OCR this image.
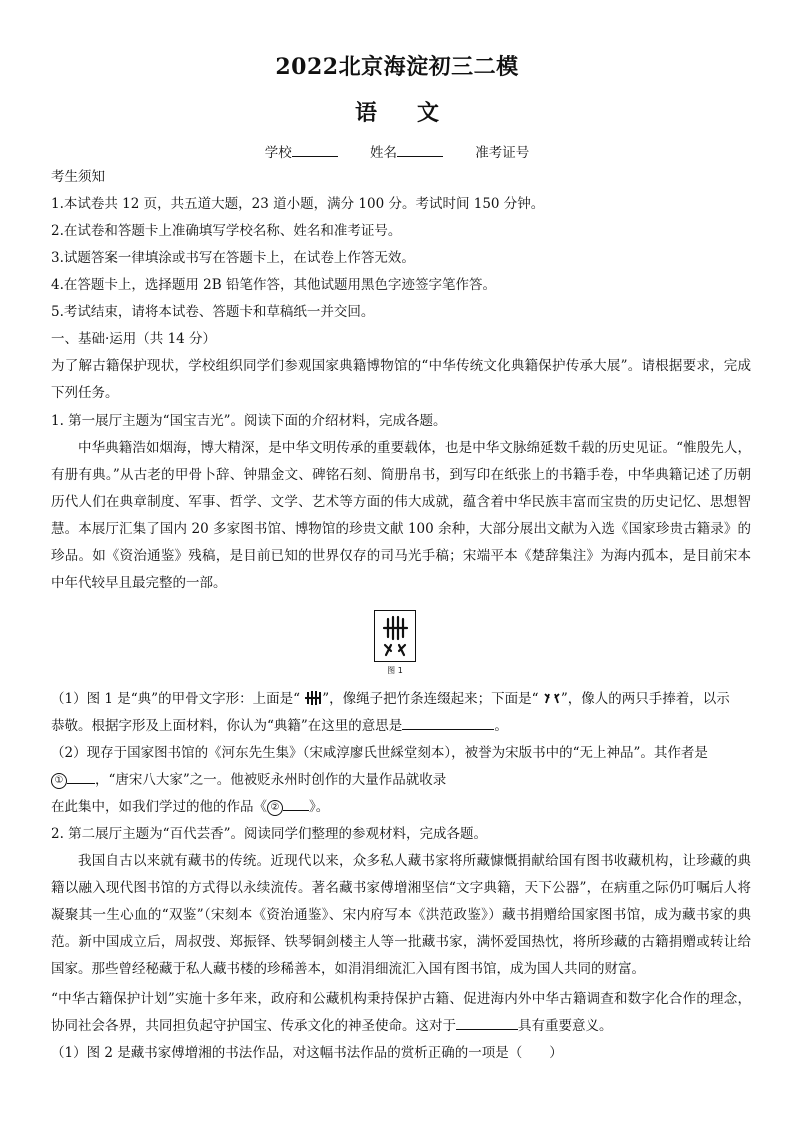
2022北京海淀初三二模
语文
学校	姓名	准考证号
考生须知
1.本试卷共 12 页，共五道大题，23 道小题，满分 100 分。考试时间 150 分钟。
2.在试卷和答题卡上准确填写学校名称、姓名和准考证号。
3.试题答案一律填涂或书写在答题卡上，在试卷上作答无效。
4.在答题卡上，选择题用 2B 铅笔作答，其他试题用黑色字迹签字笔作答。
5.考试结束，请将本试卷、答题卡和草稿纸一并交回。
一、基础·运用（共 14 分）
为了解古籍保护现状，学校组织同学们参观国家典籍博物馆的“中华传统文化典籍保护传承大展”。请根据要求，完成下列任务。
1. 第一展厅主题为“国宝吉光”。阅读下面的介绍材料，完成各题。
中华典籍浩如烟海，博大精深，是中华文明传承的重要载体，也是中华文脉绵延数千载的历史见证。“惟殷先人，有册有典。”从古老的甲骨卜辞、钟鼎金文、碑铭石刻、简册帛书，到写印在纸张上的书籍手卷，中华典籍记述了历朝历代人们在典章制度、军事、哲学、文学、艺术等方面的伟大成就，蕴含着中华民族丰富而宝贵的历史记忆、思想智慧。本展厅汇集了国内 20 多家图书馆、博物馆的珍贵文献 100 余种，大部分展出文献为入选《国家珍贵古籍录》的珍品。如《资治通鉴》残稿，是目前已知的世界仅存的司马光手稿；宋端平本《楚辞集注》为海内孤本，是目前宋本中年代较早且最完整的一部。
图 1
（1）图 1 是“典”的甲骨文字形：上面是“ ”，像绳子把竹条连缀起来；下面是“ ”，像人的两只手捧着，以示
恭敬。根据字形及上面材料，你认为“典籍”在这里的意思是	。
（2）现存于国家图书馆的《河东先生集》（宋咸淳廖氏世綵堂刻本），被誉为宋版书中的“无上神品”。其作者是
① ，“唐宋八大家”之一。他被贬永州时创作的大量作品就收录
在此集中，如我们学过的他的作品《 ② 》。
2. 第二展厅主题为“百代芸香”。阅读同学们整理的参观材料，完成各题。
我国自古以来就有藏书的传统。近现代以来，众多私人藏书家将所藏慷慨捐献给国有图书收藏机构，让珍藏的典籍以融入现代图书馆的方式得以永续流传。著名藏书家傅增湘坚信“文字典籍，天下公器”，在病重之际仍叮嘱后人将凝聚其一生心血的“双鉴”（宋刻本《资治通鉴》、宋内府写本《洪范政鉴》）藏书捐赠给国家图书馆，成为藏书家的典范。新中国成立后，周叔弢、郑振铎、铁琴铜剑楼主人等一批藏书家，满怀爱国热忱，将所珍藏的古籍捐赠或转让给国家。那些曾经秘藏于私人藏书楼的珍稀善本，如涓涓细流汇入国有图书馆，成为国人共同的财富。
“中华古籍保护计划”实施十多年来，政府和公藏机构秉持保护古籍、促进海内外中华古籍调查和数字化合作的理念，协同社会各界，共同担负起守护国宝、传承文化的神圣使命。这对于	具有重要意义。
（1）图 2 是藏书家傅增湘的书法作品，对这幅书法作品的赏析正确的一项是（　　）
